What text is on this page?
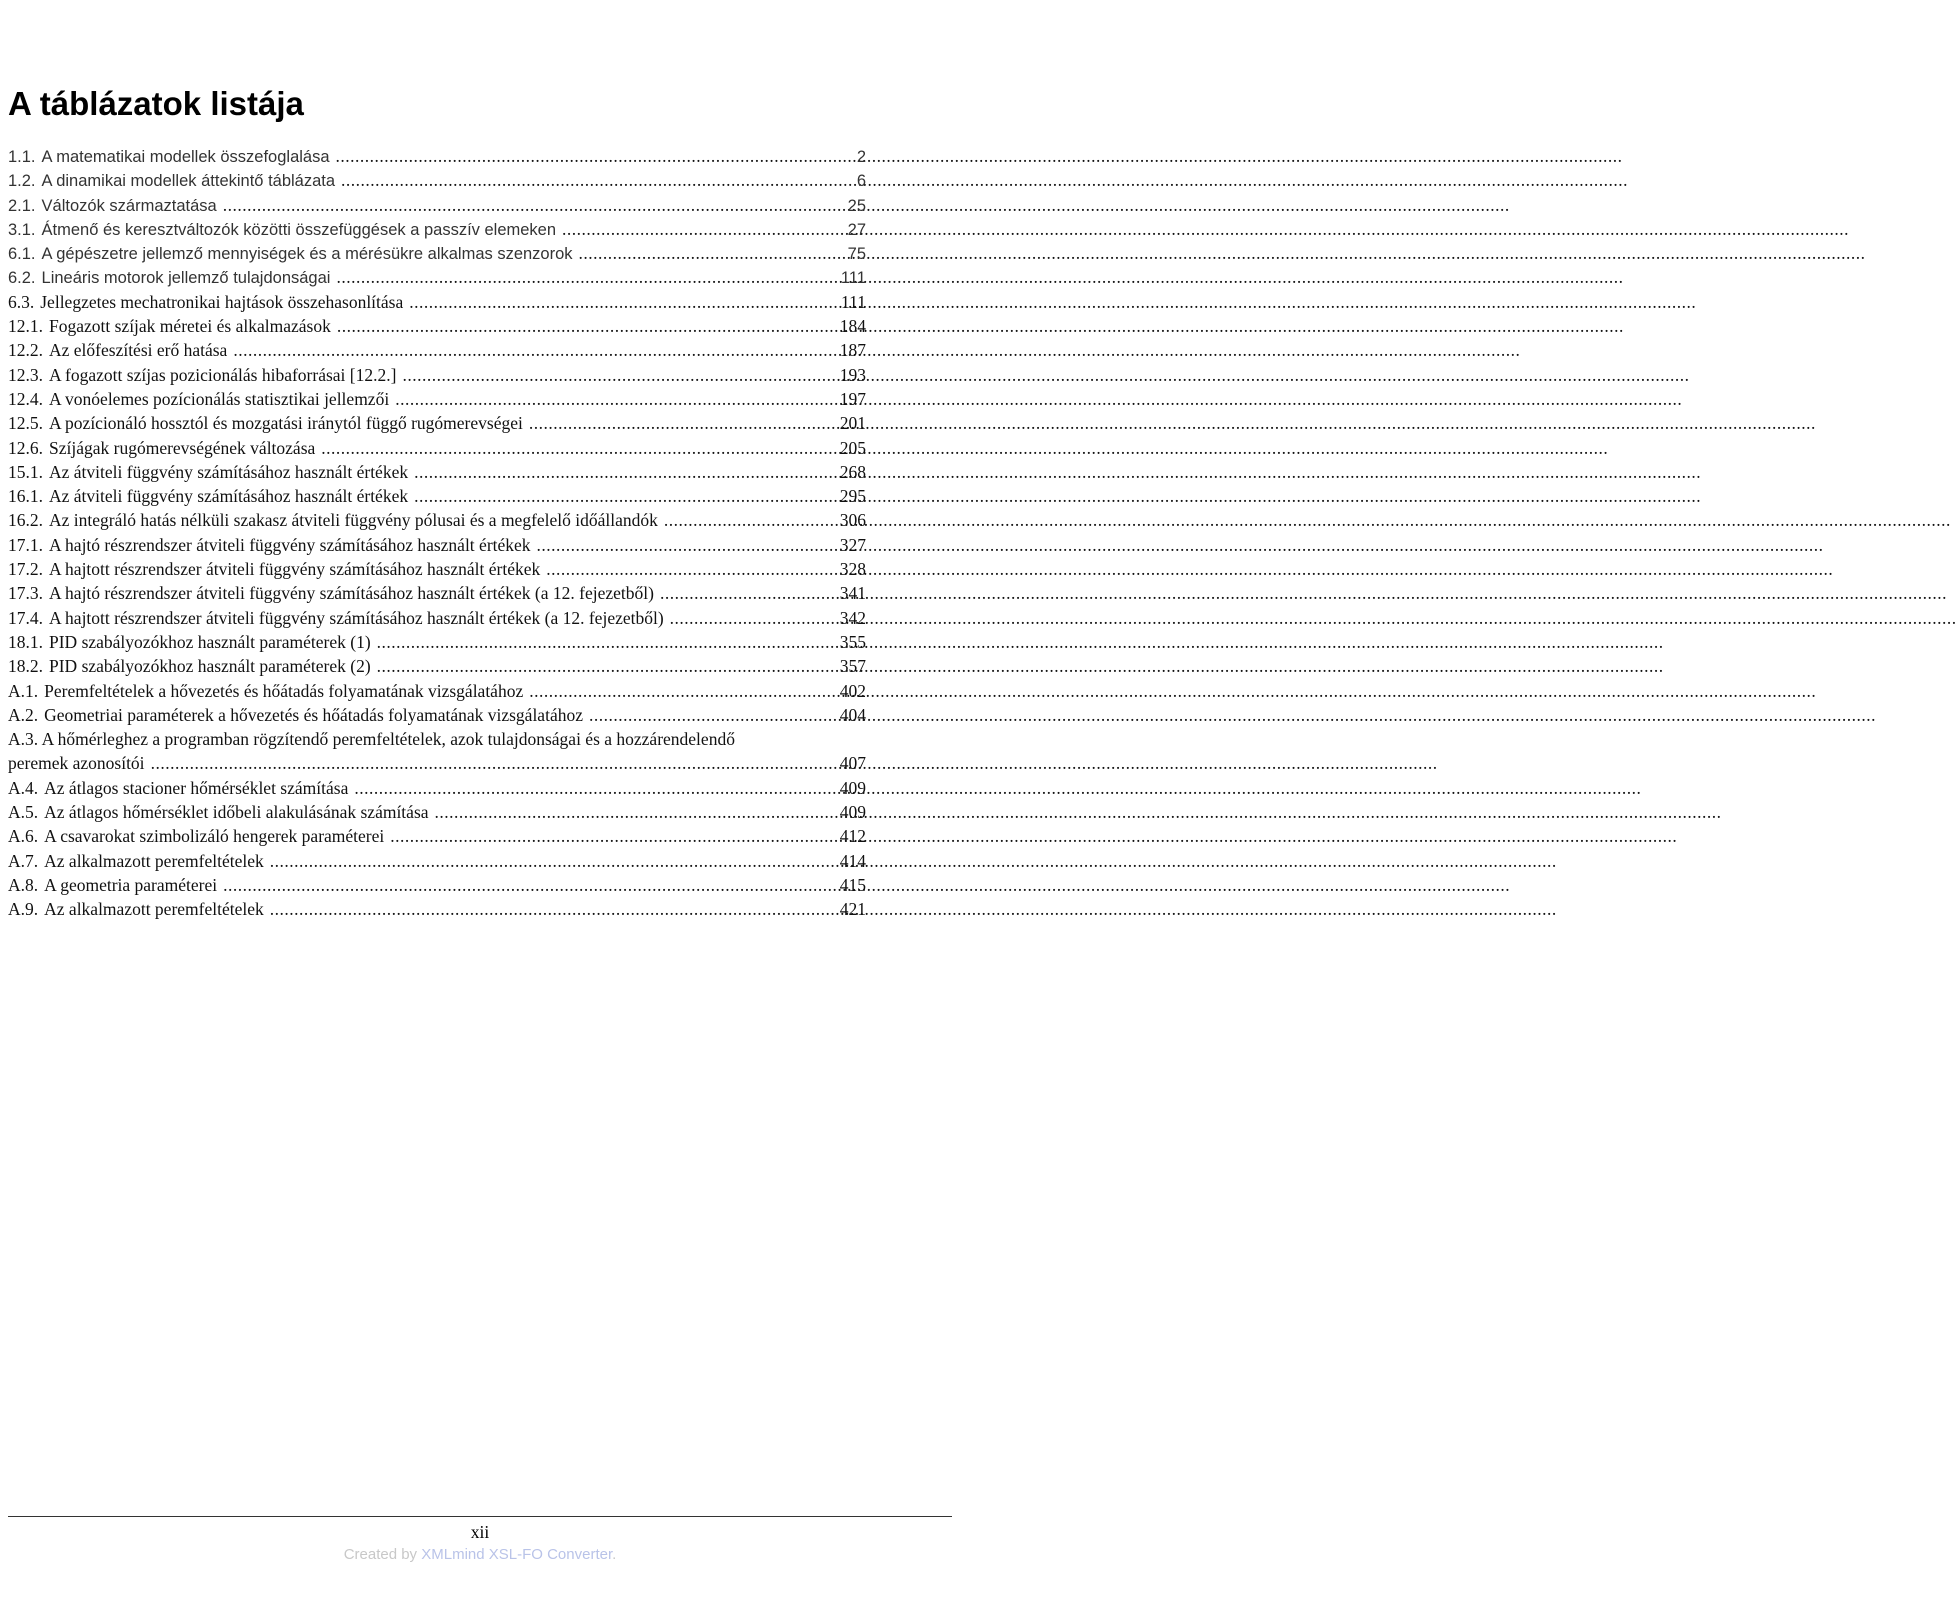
A táblázatok listája
1.1. A matematikai modellek összefoglalása .....	2
1.2. A dinamikai modellek áttekintő táblázata .....	6
2.1. Változók származtatása .....	25
3.1. Átmenő és keresztváltozók közötti összefüggések a passzív elemeken .....	27
6.1. A gépészetre jellemző mennyiségek és a mérésükre alkalmas szenzorok .....	75
6.2. Lineáris motorok jellemző tulajdonságai .....	111
6.3. Jellegzetes mechatronikai hajtások összehasonlítása .....	111
12.1. Fogazott szíjak méretei és alkalmazások .....	184
12.2. Az előfeszítési erő hatása .....	187
12.3. A fogazott szíjas pozicionálás hibaforrásai [12.2.] .....	193
12.4. A vonóelemes pozícionálás statisztikai jellemzői .....	197
12.5. A pozícionáló hossztól és mozgatási iránytól függő rugómerevségei .....	201
12.6. Szíjágak rugómerevségének változása .....	205
15.1. Az átviteli függvény számításához használt értékek .....	268
16.1. Az átviteli függvény számításához használt értékek .....	295
16.2. Az integráló hatás nélküli szakasz átviteli függvény pólusai és a megfelelő időállandók .....	306
17.1. A hajtó részrendszer átviteli függvény számításához használt értékek .....	327
17.2. A hajtott részrendszer átviteli függvény számításához használt értékek .....	328
17.3. A hajtó részrendszer átviteli függvény számításához használt értékek (a 12. fejezetből) .....	341
17.4. A hajtott részrendszer átviteli függvény számításához használt értékek (a 12. fejezetből) .....	342
18.1. PID szabályozókhoz használt paraméterek (1) .....	355
18.2. PID szabályozókhoz használt paraméterek (2) .....	357
A.1. Peremfeltételek a hővezetés és hőátadás folyamatának vizsgálatához .....	402
A.2. Geometriai paraméterek a hővezetés és hőátadás folyamatának vizsgálatához .....	404
A.3. A hőmérleghez a programban rögzítendő peremfeltételek, azok tulajdonságai és a hozzárendelendő
peremek azonosítói .....	407
A.4. Az átlagos stacioner hőmérséklet számítása .....	409
A.5. Az átlagos hőmérséklet időbeli alakulásának számítása .....	409
A.6. A csavarokat szimbolizáló hengerek paraméterei .....	412
A.7. Az alkalmazott peremfeltételek .....	414
A.8. A geometria paraméterei .....	415
A.9. Az alkalmazott peremfeltételek .....	421
xii
Created by XMLmind XSL-FO Converter.
